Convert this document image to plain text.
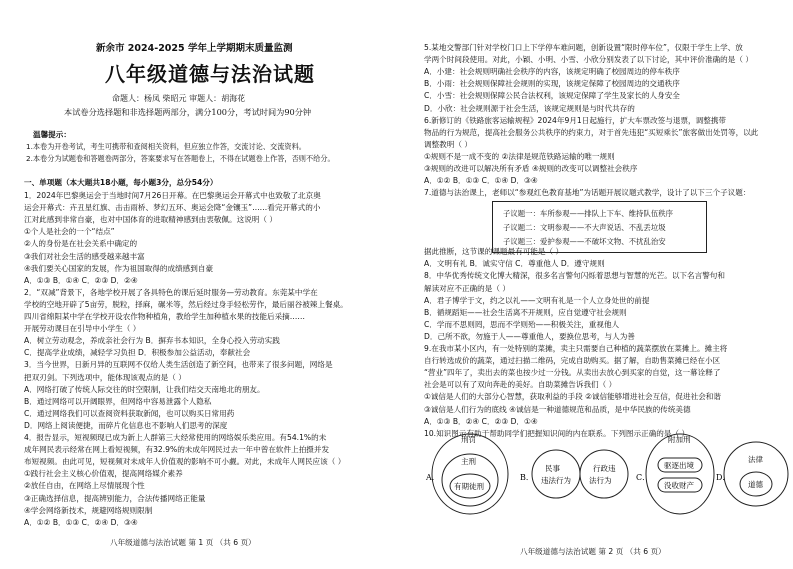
新余市 2024-2025 学年上学期期末质量监测
八年级道德与法治试题
命题人：杨凤 柴昭元 审题人：胡海花
本试卷分选择题和非选择题两部分，满分100分，考试时间为90分钟
温馨提示：
1.本卷为开卷考试，考生可携带和查阅相关资料，但应独立作答，交流讨论、交流资料。
2.本卷分为试题卷和答题卷两部分，答案要求写在答题卷上，不得在试题卷上作答，否则不给分。
一、单项题（本大题共18小题，每小题3分，总分54分）
1．2024年巴黎奥运会于当地时间7月26日开幕。在巴黎奥运会开幕式中也致敬了北京奥
运会开幕式：卉丑星红旗、击击雨桥、梦幻五环、奥运会降“金镶玉”……看完开幕式的小
江对此感到非常自豪，也对中国体育的进取精神感到由衷敬佩。这说明（ ）
①个人是社会的一个“结点”
②人的身份是在社会关系中确定的
③我们对社会生活的感受越来越丰富
④我们要关心国家的发展，作为祖国取得的成绩感到自豪
A．①③ B．①④ C．②③ D．②④
2．“双减”背景下，各地学校开展了各具特色的课后延时服务—劳动教育。东莞某中学在
学校的空地开辟了5亩劳，脱粒，择麻，碾米等，然后经过身手轻松劳作，最后丽谷被辣上餐桌。
四川省绵阳某中学在学校开设农作物种植角，教给学生加种植水果的技能后采摘……
开展劳动课目在引导中小学生（ ）
A．树立劳动观念，养成亲社会行为 B．摒弃书本知识，全身心投入劳动实践
C．提高学业成绩，减轻学习负担 D．积极参加公益活动，奉献社会
3．当今世界，日新月异的互联网不仅给人类生活创造了新空间，也带来了很多问题，网络是
把双刃剑。下列选项中，能体现该观点的是（ ）
A．网络打破了传统人际交往的时空限制，让我们结交天南地北的朋友。
B．通过网络可以开阔眼界，但网络中容易泄露个人隐私
C．通过网络我们可以查阅资料获取新闻，也可以购买日常用药
D．网络上阅读便捷，而碎片化信息也不影响人们思考的深度
4．报告显示，短视频现已成为新上人群第三大经常使用的网络娱乐类应用。有54.1%的未
成年网民表示经常在网上看短视频，有32.9%的未成年网民过去一年中曾在软件上拍摄并发
布短视频。由此可见，短视频对未成年人价值观的影响不可小觑。对此，未成年人网民应该（ ）
①践行社会主义核心价值观，提高网络媒介素养
②放任自由，在网络上尽情展现个性
③正确选择信息，提高辨别能力，合法传播网络正能量
④学会网络新技术，规避网络规则限制
A．①② B．①③ C．②④ D．③④
八年级道德与法治试题 第 1 页 （共 6 页）
5.某地交警部门针对学校门口上下学停车难问题，创新设置“限时停车位”，仅限于学生上学、放
学两个时间段使用。对此，小颖、小明、小雪、小欣分别发表了以下讨论，其中评价准确的是（ ）
A．小建：社会规则明确社会秩序的内容，该规定明确了校园周边的停车秩序
B．小雨：社会规则保障社会规则的实现，该规定保障了校园周边的交通秩序
C．小雪：社会规则保障公民合法权利，该规定保障了学生及家长的人身安全
D．小欣：社会规则源于社会生活，该规定规则是与时代共存的
6.新修订的《铁路旅客运输规程》2024年9月1日起施行，扩大车票改签与退票，调整携带
物品的行为规范，提高社会服务公共秩序的约束力，对于首先违犯“买短乘长”旅客做出处罚等，以此
调整教明（ ）
①规则不是一成不变的 ②法律是规范铁路运输的唯一规则
③规则的改进可以解决所有矛盾 ④规则的改变可以调整社会秩序
A．①② B．①③ C．①④ D．③④
7.道德与法治课上，老师以“参观红色教育基地”为话题开展议题式教学，设计了以下三个子议题：
据此推断，这节课的课题最有可能是（ ）
A．文明有礼 B．诚实守信 C．尊重他人 D．遵守规则
8．中华优秀传统文化博大精深，很多名言警句闪烁着思想与智慧的光芒。以下名言警句和
解读对应不正确的是（ ）
A．君子博学于文，约之以礼——文明有礼是一个人立身处世的前提
B．循规蹈矩——社会生活离不开规则，应自觉遵守社会规则
C．学而不思则罔，思而不学则殆——积极关注，重视他人
D．己所不欲，勿施于人——尊重他人，要换位思考，与人为善
9.在我市某小区内，有一处特别的菜摊，卖主只需要自己种植的蔬菜摆放在菜摊上。摊主将
自行转选成价的蔬菜，通过扫描二维码，完成自助购买。据了解，自助售菜摊已经在小区
“营业”四年了，卖出去的菜也按少过一分钱。从卖出去放心到买家的自觉，这一幕诠释了
社会是可以有了双向奔赴的美好。自助菜摊告诉我们（ ）
①诚信是人们的大部分心智慧，获取利益的手段 ②诚信能够增进社会互信，促进社会和谐
③诚信是人们行为的底线 ④诚信是一种道德规范和品质，是中华民族的传统美德
A．①③ B．②④ C．②③ D．①④
10.知识图示有助于帮助同学们把握知识间的内在联系。下列图示正确的是（ ）
子议题一：车所参观——排队上下车、维持队伍秩序
子议题二：文明参观——不大声说话、不乱丢垃圾
子议题三：爱护参观——不破坏文物、不扰乱治安
A．
刑罚
主刑
有期徒刑
B．
民事
违法行为
行政违
法行为	C．
附加刑
驱逐出境
没收财产
D．
法律
道德
八年级道德与法治试题 第 2 页 （共 6 页）
